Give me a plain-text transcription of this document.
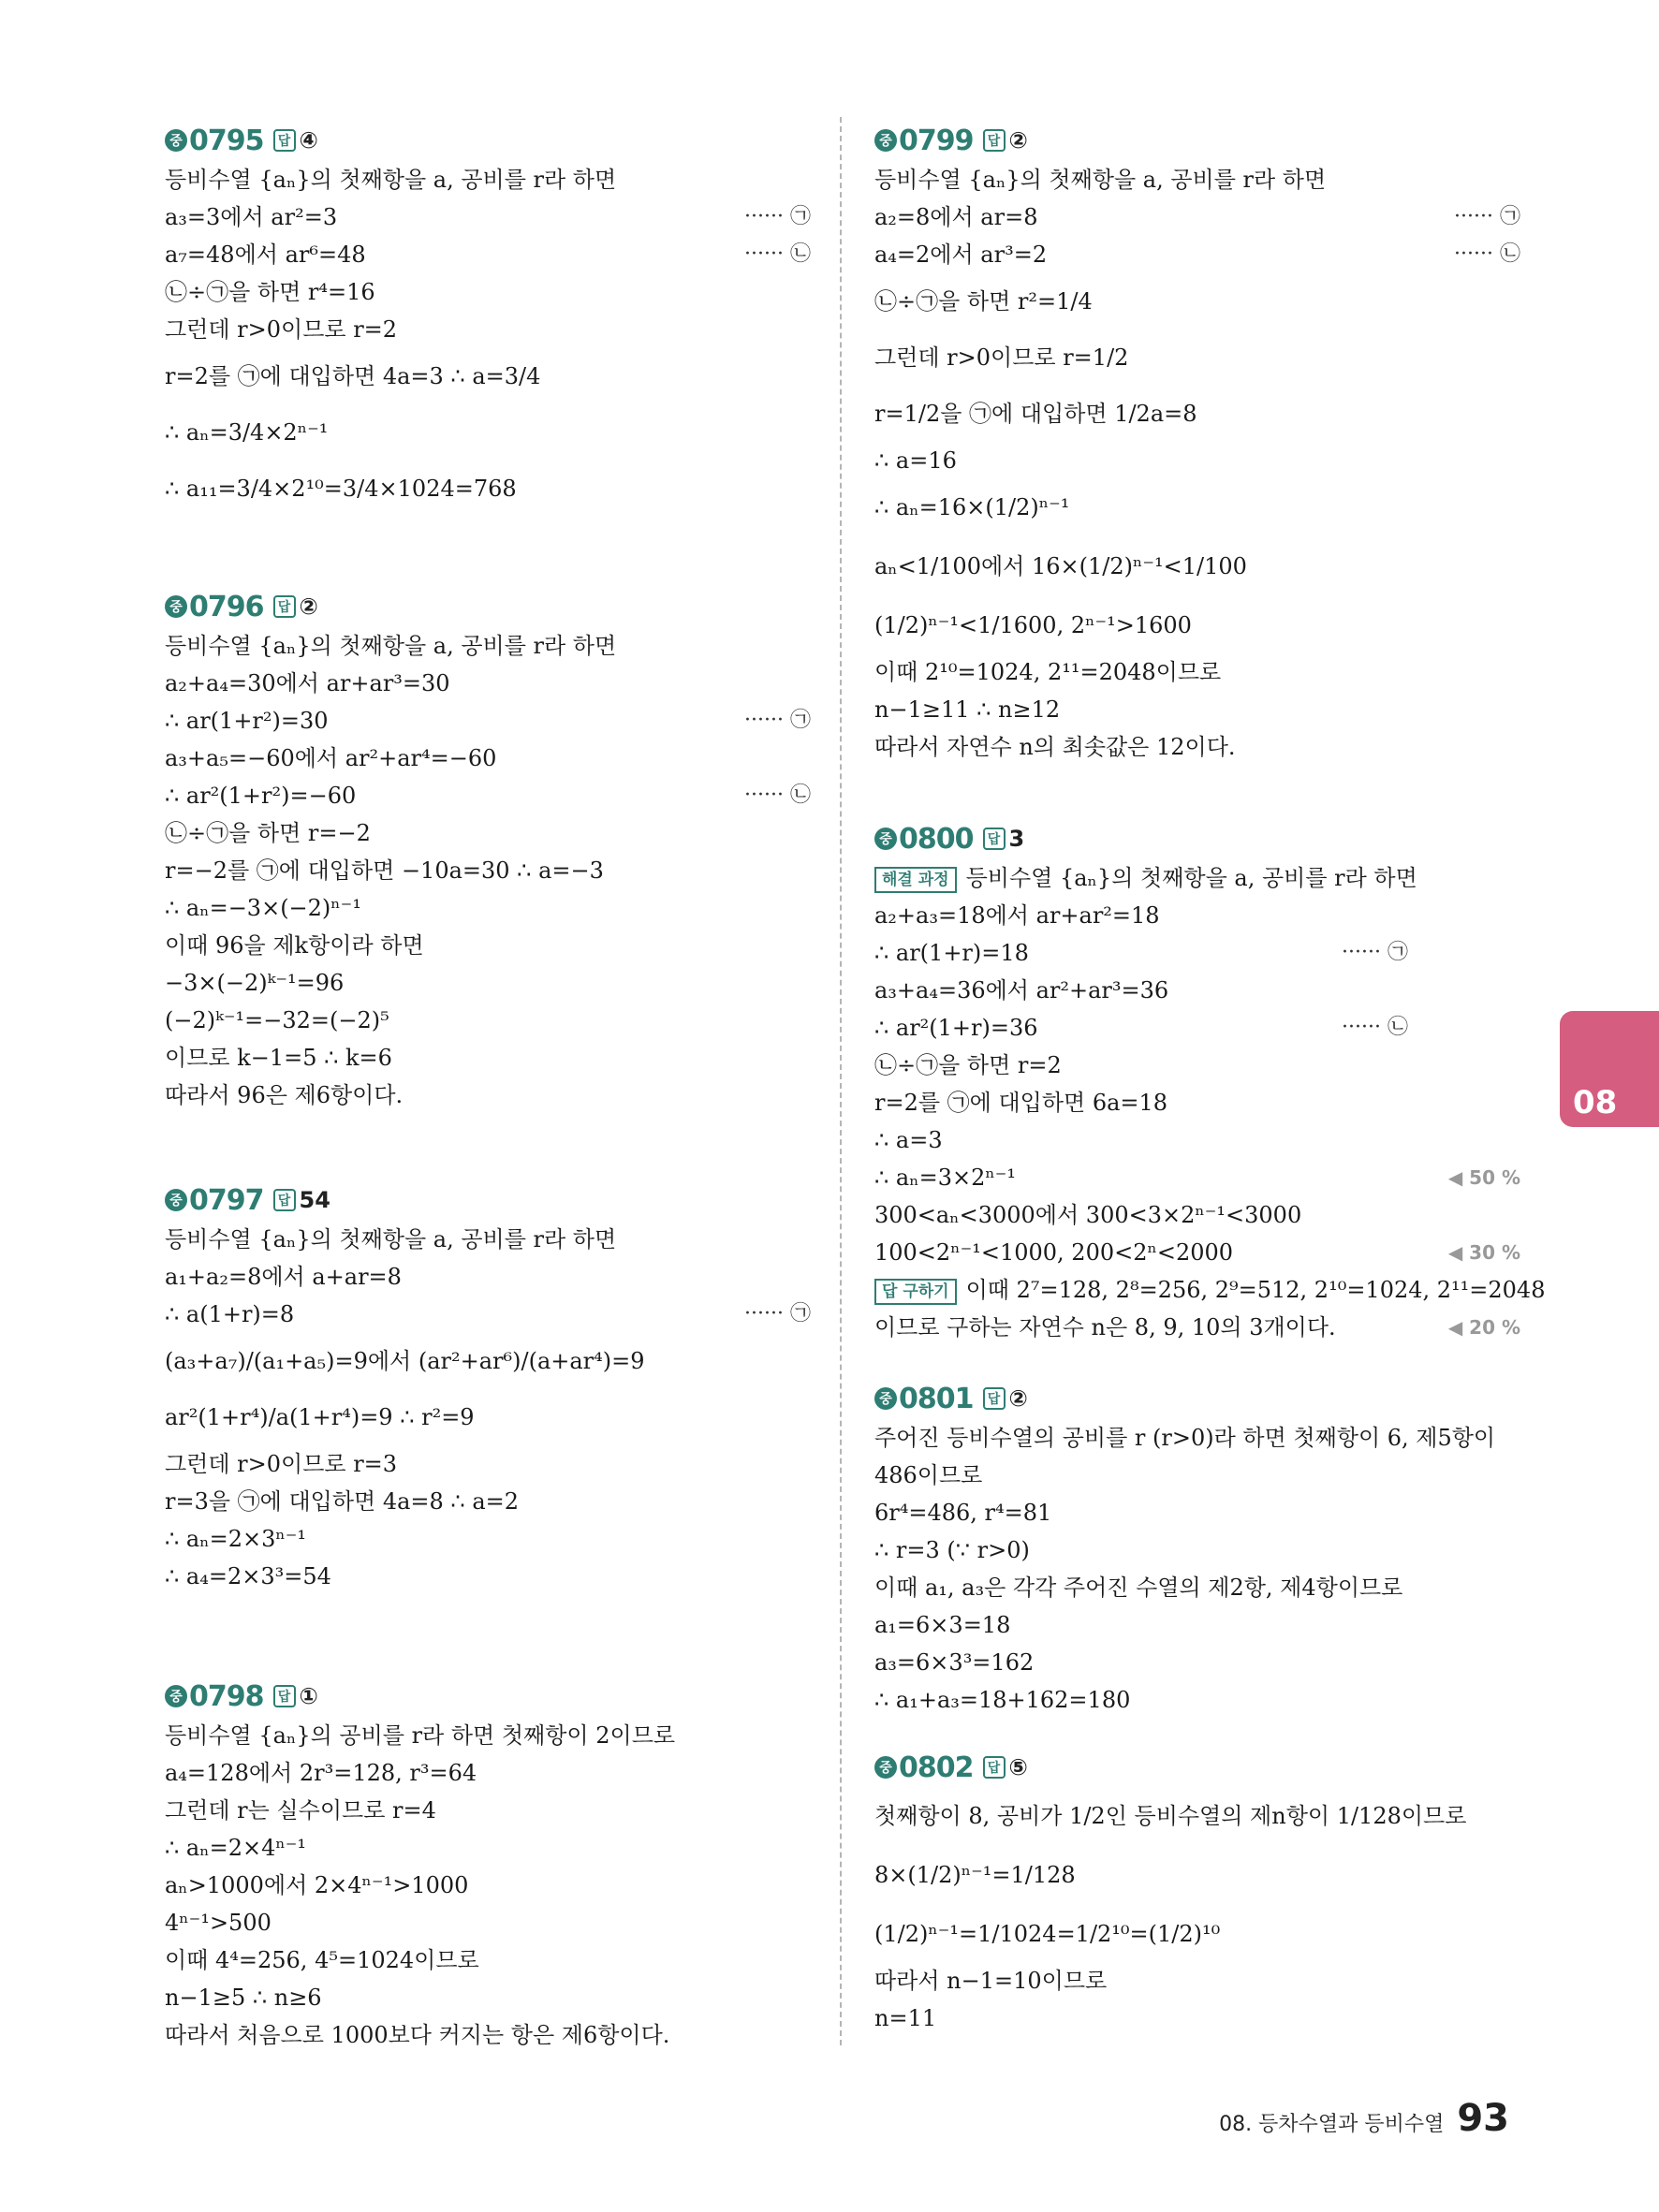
중 0795	답 ④
등비수열 {aₙ}의 첫째항을 a, 공비를 r라 하면
a₃=3에서 ar²=3	······ ㉠
a₇=48에서 ar⁶=48	······ ㉡
㉡÷㉠을 하면 r⁴=16
그런데 r>0이므로 r=2
r=2를 ㉠에 대입하면 4a=3 ∴ a=3/4
∴ aₙ=3/4×2ⁿ⁻¹
∴ a₁₁=3/4×2¹⁰=3/4×1024=768
중 0796	답 ②
등비수열 {aₙ}의 첫째항을 a, 공비를 r라 하면
a₂+a₄=30에서 ar+ar³=30
∴ ar(1+r²)=30	······ ㉠
a₃+a₅=−60에서 ar²+ar⁴=−60
∴ ar²(1+r²)=−60	······ ㉡
㉡÷㉠을 하면 r=−2
r=−2를 ㉠에 대입하면 −10a=30 ∴ a=−3
∴ aₙ=−3×(−2)ⁿ⁻¹
이때 96을 제k항이라 하면
−3×(−2)ᵏ⁻¹=96
(−2)ᵏ⁻¹=−32=(−2)⁵
이므로 k−1=5 ∴ k=6
따라서 96은 제6항이다.
중 0797	답 54
등비수열 {aₙ}의 첫째항을 a, 공비를 r라 하면
a₁+a₂=8에서 a+ar=8
∴ a(1+r)=8	······ ㉠
(a₃+a₇)/(a₁+a₅)=9에서 (ar²+ar⁶)/(a+ar⁴)=9
ar²(1+r⁴)/a(1+r⁴)=9 ∴ r²=9
그런데 r>0이므로 r=3
r=3을 ㉠에 대입하면 4a=8 ∴ a=2
∴ aₙ=2×3ⁿ⁻¹
∴ a₄=2×3³=54
중 0798	답 ①
등비수열 {aₙ}의 공비를 r라 하면 첫째항이 2이므로
a₄=128에서 2r³=128, r³=64
그런데 r는 실수이므로 r=4
∴ aₙ=2×4ⁿ⁻¹
aₙ>1000에서 2×4ⁿ⁻¹>1000
4ⁿ⁻¹>500
이때 4⁴=256, 4⁵=1024이므로
n−1≥5 ∴ n≥6
따라서 처음으로 1000보다 커지는 항은 제6항이다.
중 0799	답 ②
등비수열 {aₙ}의 첫째항을 a, 공비를 r라 하면
a₂=8에서 ar=8	······ ㉠
a₄=2에서 ar³=2	······ ㉡
㉡÷㉠을 하면 r²=1/4
그런데 r>0이므로 r=1/2
r=1/2을 ㉠에 대입하면 1/2a=8
∴ a=16
∴ aₙ=16×(1/2)ⁿ⁻¹
aₙ<1/100에서 16×(1/2)ⁿ⁻¹<1/100
(1/2)ⁿ⁻¹<1/1600, 2ⁿ⁻¹>1600
이때 2¹⁰=1024, 2¹¹=2048이므로
n−1≥11 ∴ n≥12
따라서 자연수 n의 최솟값은 12이다.
중 0800	답 3
해결 과정 등비수열 {aₙ}의 첫째항을 a, 공비를 r라 하면
a₂+a₃=18에서 ar+ar²=18
∴ ar(1+r)=18	······ ㉠
a₃+a₄=36에서 ar²+ar³=36
∴ ar²(1+r)=36	······ ㉡
㉡÷㉠을 하면 r=2
r=2를 ㉠에 대입하면 6a=18
∴ a=3
∴ aₙ=3×2ⁿ⁻¹	◀ 50 %
300<aₙ<3000에서 300<3×2ⁿ⁻¹<3000
100<2ⁿ⁻¹<1000, 200<2ⁿ<2000	◀ 30 %
답 구하기 이때 2⁷=128, 2⁸=256, 2⁹=512, 2¹⁰=1024, 2¹¹=2048
이므로 구하는 자연수 n은 8, 9, 10의 3개이다.	◀ 20 %
중 0801	답 ②
주어진 등비수열의 공비를 r (r>0)라 하면 첫째항이 6, 제5항이
486이므로
6r⁴=486, r⁴=81
∴ r=3 (∵ r>0)
이때 a₁, a₃은 각각 주어진 수열의 제2항, 제4항이므로
a₁=6×3=18
a₃=6×3³=162
∴ a₁+a₃=18+162=180
중 0802	답 ⑤
첫째항이 8, 공비가 1/2인 등비수열의 제n항이 1/128이므로
8×(1/2)ⁿ⁻¹=1/128
(1/2)ⁿ⁻¹=1/1024=1/2¹⁰=(1/2)¹⁰
따라서 n−1=10이므로
n=11
08
08. 등차수열과 등비수열 93
